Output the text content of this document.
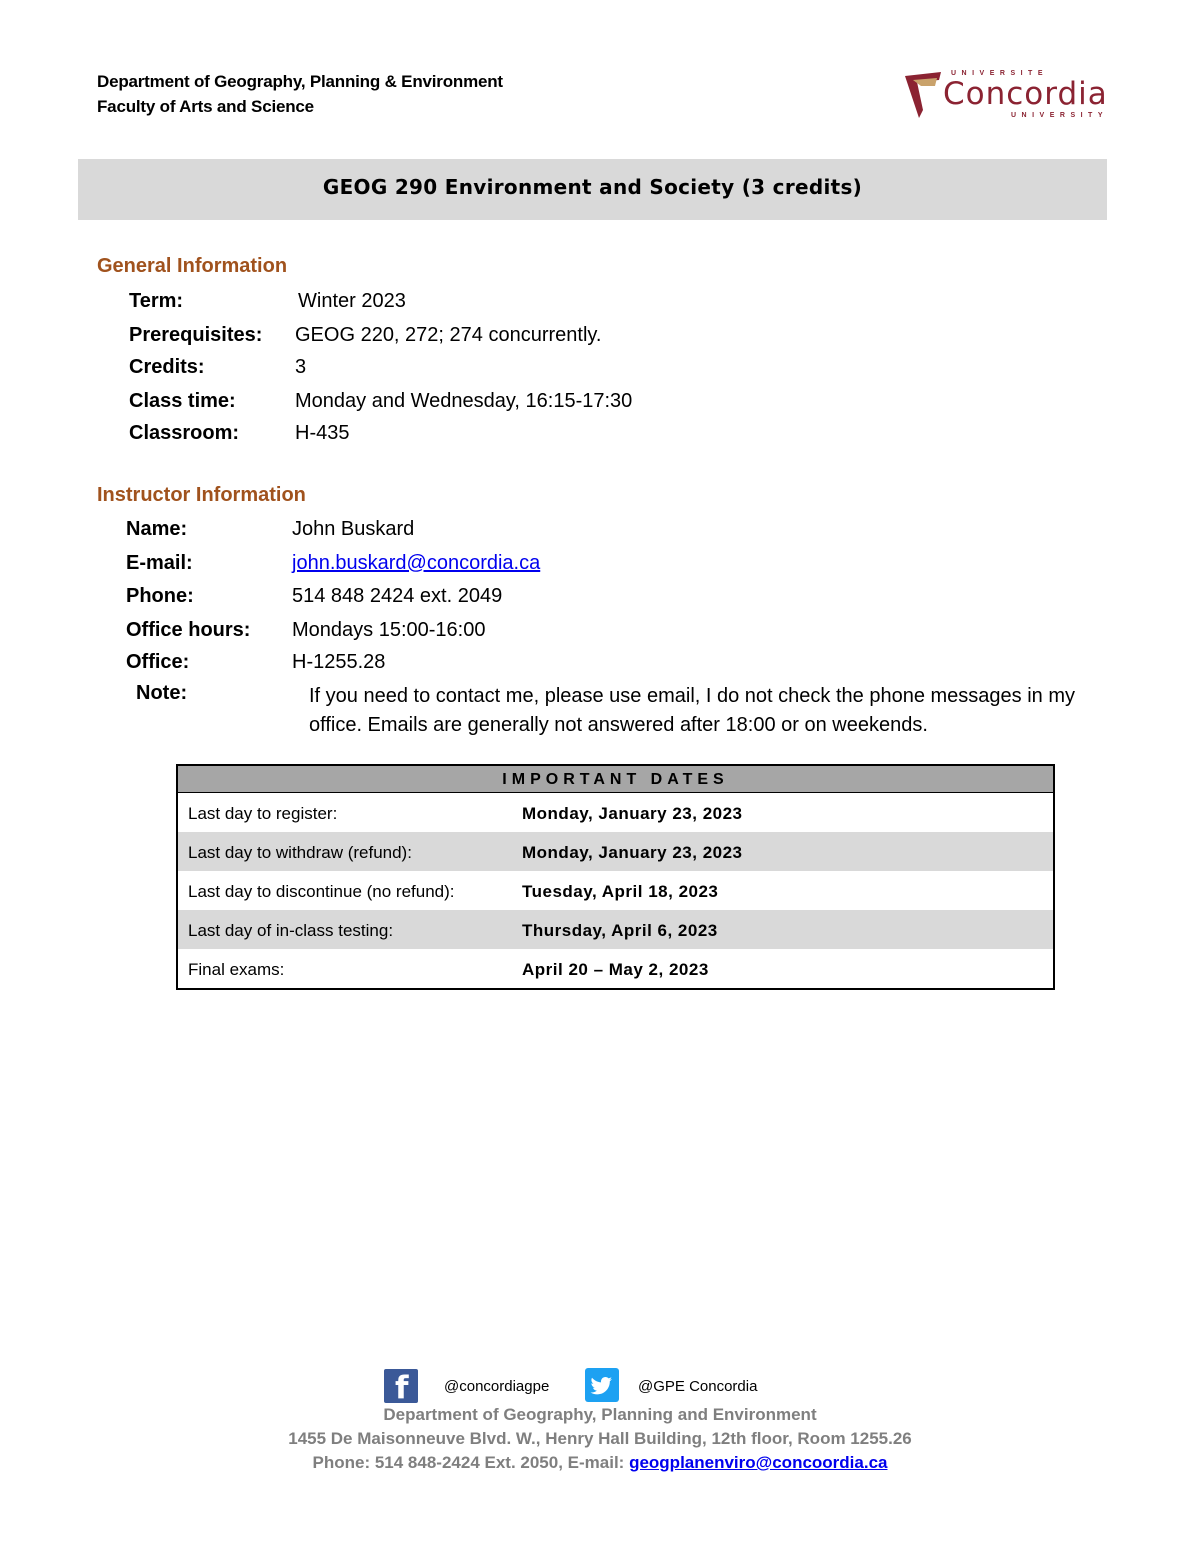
Department of Geography, Planning & Environment
Faculty of Arts and Science
UNIVERSITE
Concordia
UNIVERSITY
GEOG 290 Environment and Society (3 credits)
General Information
Term:	Winter 2023
Prerequisites: GEOG 220, 272; 274 concurrently.
Credits:	3
Class time:	Monday and Wednesday, 16:15-17:30
Classroom:	H-435
Instructor Information
Name:	John Buskard
E-mail:	john.buskard@concordia.ca
Phone:	514 848 2424 ext. 2049
Office hours: Mondays 15:00-16:00
Office:	H-1255.28
Note:	If you need to contact me, please use email, I do not check the phone messages in my office. Emails are generally not answered after 18:00 or on weekends.
IMPORTANT DATES
Last day to register:	Monday, January 23, 2023
Last day to withdraw (refund):	Monday, January 23, 2023
Last day to discontinue (no refund):	Tuesday, April 18, 2023
Last day of in-class testing:	Thursday, April 6, 2023
Final exams:	April 20 – May 2, 2023
f @concordiagpe	@GPE Concordia
Department of Geography, Planning and Environment
1455 De Maisonneuve Blvd. W., Henry Hall Building, 12th floor, Room 1255.26
Phone: 514 848-2424 Ext. 2050, E-mail: geogplanenviro@concoordia.ca
